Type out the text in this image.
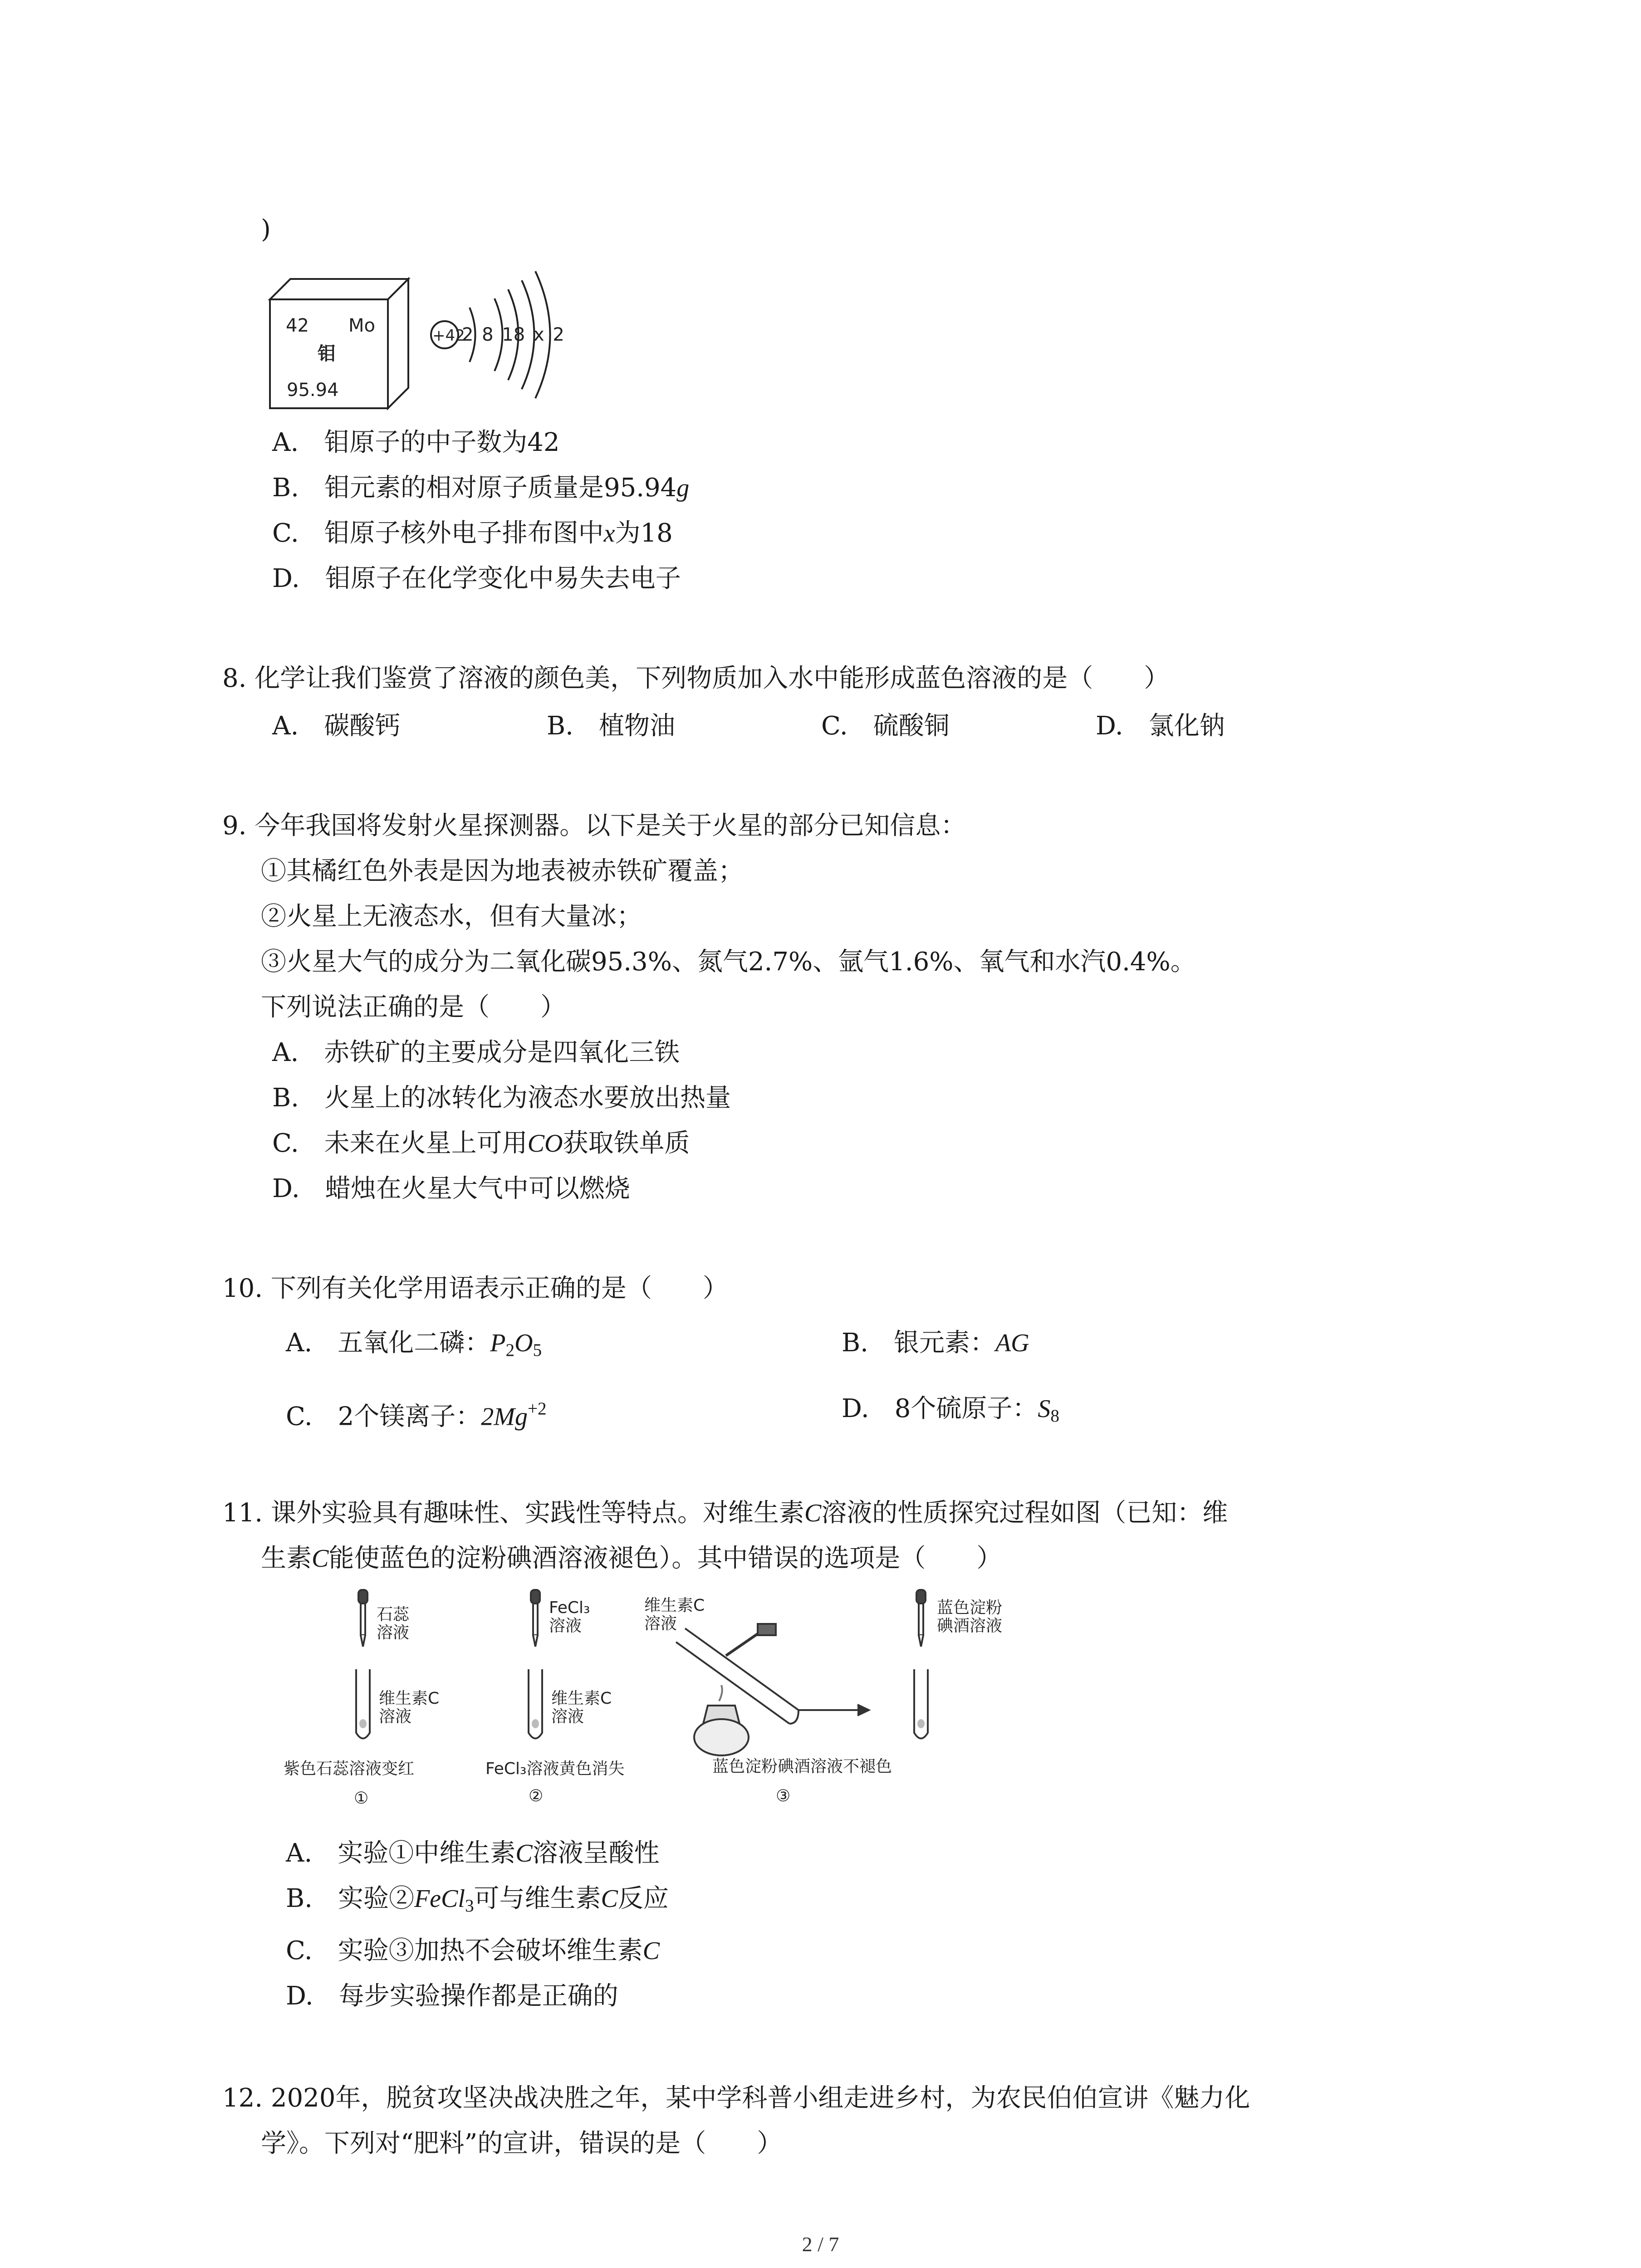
)
42 Mo
钼
95.94
+42
2 8 18 x 2
A.　 钼原子的中子数为42
B.　 钼元素的相对原子质量是95.94g
C.　 钼原子核外电子排布图中x为18
D.　 钼原子在化学变化中易失去电子
8. 化学让我们鉴赏了溶液的颜色美，下列物质加入水中能形成蓝色溶液的是（　　）
A.　 碳酸钙	B.　 植物油	C.　 硫酸铜	D.　 氯化钠
9. 今年我国将发射火星探测器。以下是关于火星的部分已知信息：
①其橘红色外表是因为地表被赤铁矿覆盖；
②火星上无液态水，但有大量冰；
③火星大气的成分为二氧化碳95.3%、氮气2.7%、氩气1.6%、氧气和水汽0.4%。
下列说法正确的是（　　）
A.　 赤铁矿的主要成分是四氧化三铁
B.　 火星上的冰转化为液态水要放出热量
C.　 未来在火星上可用CO获取铁单质
D.　 蜡烛在火星大气中可以燃烧
10. 下列有关化学用语表示正确的是（　　）
A.　 五氧化二磷：$P_2O_5$	B.　 银元素：AG
C.　 2个镁离子：$2Mg^{+2}$	D.　 8个硫原子：$S_8$
11. 课外实验具有趣味性、实践性等特点。对维生素C溶液的性质探究过程如图（已知：维
生素C能使蓝色的淀粉碘酒溶液褪色）。其中错误的选项是（　　）
石蕊
溶液
FeCl₃
溶液
维生素C
溶液
蓝色淀粉
碘酒溶液
维生素C
溶液
维生素C
溶液
紫色石蕊溶液变红	FeCl₃溶液黄色消失	蓝色淀粉碘酒溶液不褪色
①	②	③
A.　 实验①中维生素C溶液呈酸性
B.　 实验②FeCl$_3$可与维生素C反应
C.　 实验③加热不会破坏维生素C
D.　 每步实验操作都是正确的
12. 2020年，脱贫攻坚决战决胜之年，某中学科普小组走进乡村，为农民伯伯宣讲《魅力化
学》。下列对“肥料”的宣讲，错误的是（　　）
2 / 7
